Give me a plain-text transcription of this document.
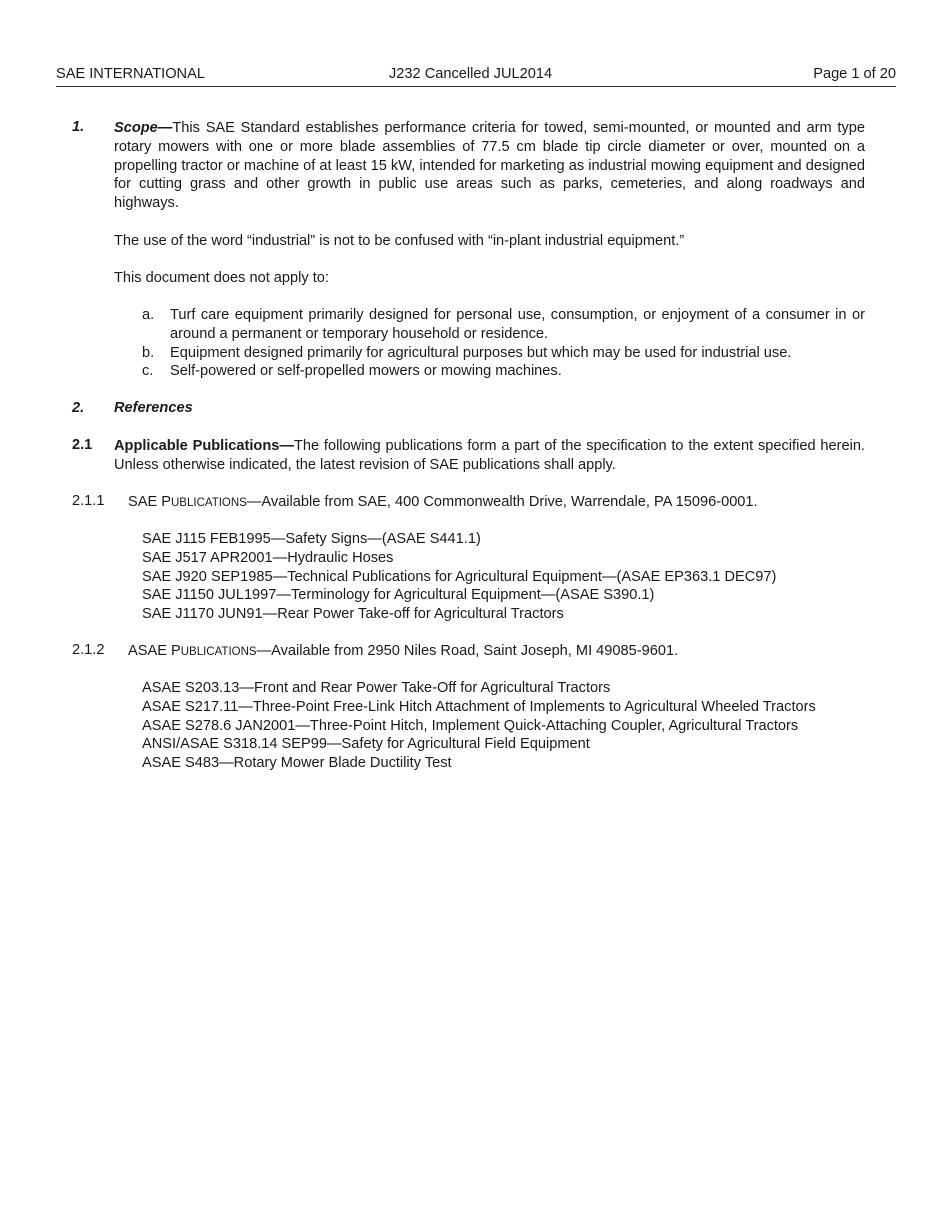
SAE INTERNATIONAL	J232 Cancelled JUL2014	Page 1 of 20
1. Scope—This SAE Standard establishes performance criteria for towed, semi-mounted, or mounted and arm type rotary mowers with one or more blade assemblies of 77.5 cm blade tip circle diameter or over, mounted on a propelling tractor or machine of at least 15 kW, intended for marketing as industrial mowing equipment and designed for cutting grass and other growth in public use areas such as parks, cemeteries, and along roadways and highways.
The use of the word “industrial” is not to be confused with “in-plant industrial equipment.”
This document does not apply to:
a. Turf care equipment primarily designed for personal use, consumption, or enjoyment of a consumer in or around a permanent or temporary household or residence.
b. Equipment designed primarily for agricultural purposes but which may be used for industrial use.
c. Self-powered or self-propelled mowers or mowing machines.
2. References
2.1 Applicable Publications—The following publications form a part of the specification to the extent specified herein. Unless otherwise indicated, the latest revision of SAE publications shall apply.
2.1.1 SAE PUBLICATIONS—Available from SAE, 400 Commonwealth Drive, Warrendale, PA 15096-0001.
SAE J115 FEB1995—Safety Signs—(ASAE S441.1)
SAE J517 APR2001—Hydraulic Hoses
SAE J920 SEP1985—Technical Publications for Agricultural Equipment—(ASAE EP363.1 DEC97)
SAE J1150 JUL1997—Terminology for Agricultural Equipment—(ASAE S390.1)
SAE J1170 JUN91—Rear Power Take-off for Agricultural Tractors
2.1.2 ASAE PUBLICATIONS—Available from 2950 Niles Road, Saint Joseph, MI 49085-9601.
ASAE S203.13—Front and Rear Power Take-Off for Agricultural Tractors
ASAE S217.11—Three-Point Free-Link Hitch Attachment of Implements to Agricultural Wheeled Tractors
ASAE S278.6 JAN2001—Three-Point Hitch, Implement Quick-Attaching Coupler, Agricultural Tractors
ANSI/ASAE S318.14 SEP99—Safety for Agricultural Field Equipment
ASAE S483—Rotary Mower Blade Ductility Test
